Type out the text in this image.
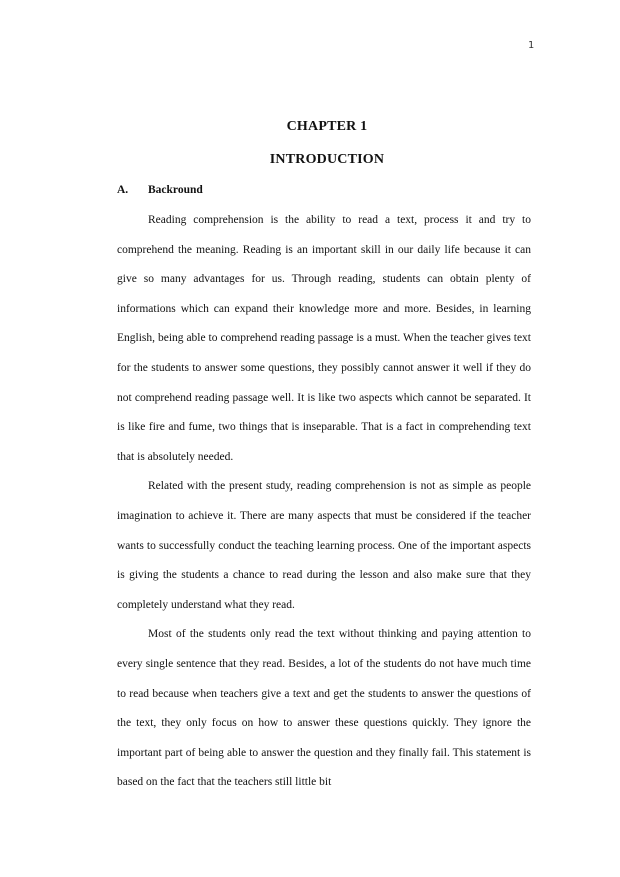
1
CHAPTER 1
INTRODUCTION
A. Backround

Reading comprehension is the ability to read a text, process it and try to comprehend the meaning. Reading is an important skill in our daily life because it can give so many advantages for us. Through reading, students can obtain plenty of informations which can expand their knowledge more and more. Besides, in learning English, being able to comprehend reading passage is a must. When the teacher gives text for the students to answer some questions, they possibly cannot answer it well if they do not comprehend reading passage well. It is like two aspects which cannot be separated. It is like fire and fume, two things that is inseparable. That is a fact in comprehending text that is absolutely needed.

Related with the present study, reading comprehension is not as simple as people imagination to achieve it. There are many aspects that must be considered if the teacher wants to successfully conduct the teaching learning process. One of the important aspects is giving the students a chance to read during the lesson and also make sure that they completely understand what they read.

Most of the students only read the text without thinking and paying attention to every single sentence that they read. Besides, a lot of the students do not have much time to read because when teachers give a text and get the students to answer the questions of the text, they only focus on how to answer these questions quickly. They ignore the important part of being able to answer the question and they finally fail. This statement is based on the fact that the teachers still little bit
